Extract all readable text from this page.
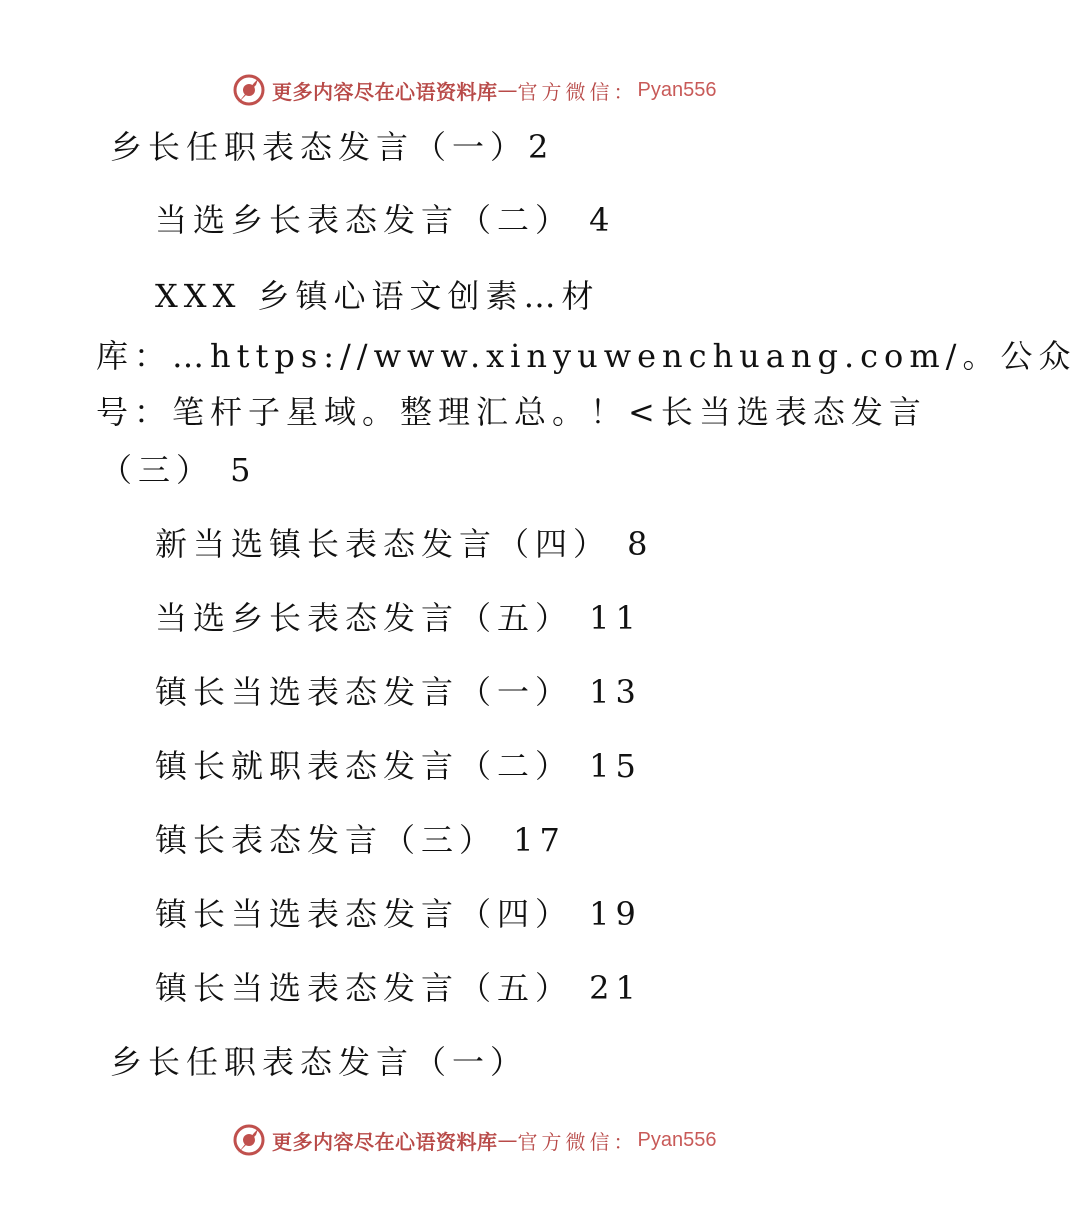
更多内容尽在心语资料库 — 官方微信： Pyan556
乡长任职表态发言（一）2
当选乡长表态发言（二） 4
XXX 乡镇心语文创素…材
库：…https://www.xinyuwenchuang.com/。公众
号：笔杆子星域。整理汇总。！<长当选表态发言
（三） 5
新当选镇长表态发言（四） 8
当选乡长表态发言（五） 11
镇长当选表态发言（一） 13
镇长就职表态发言（二） 15
镇长表态发言（三） 17
镇长当选表态发言（四） 19
镇长当选表态发言（五） 21
乡长任职表态发言（一）
更多内容尽在心语资料库 — 官方微信： Pyan556
